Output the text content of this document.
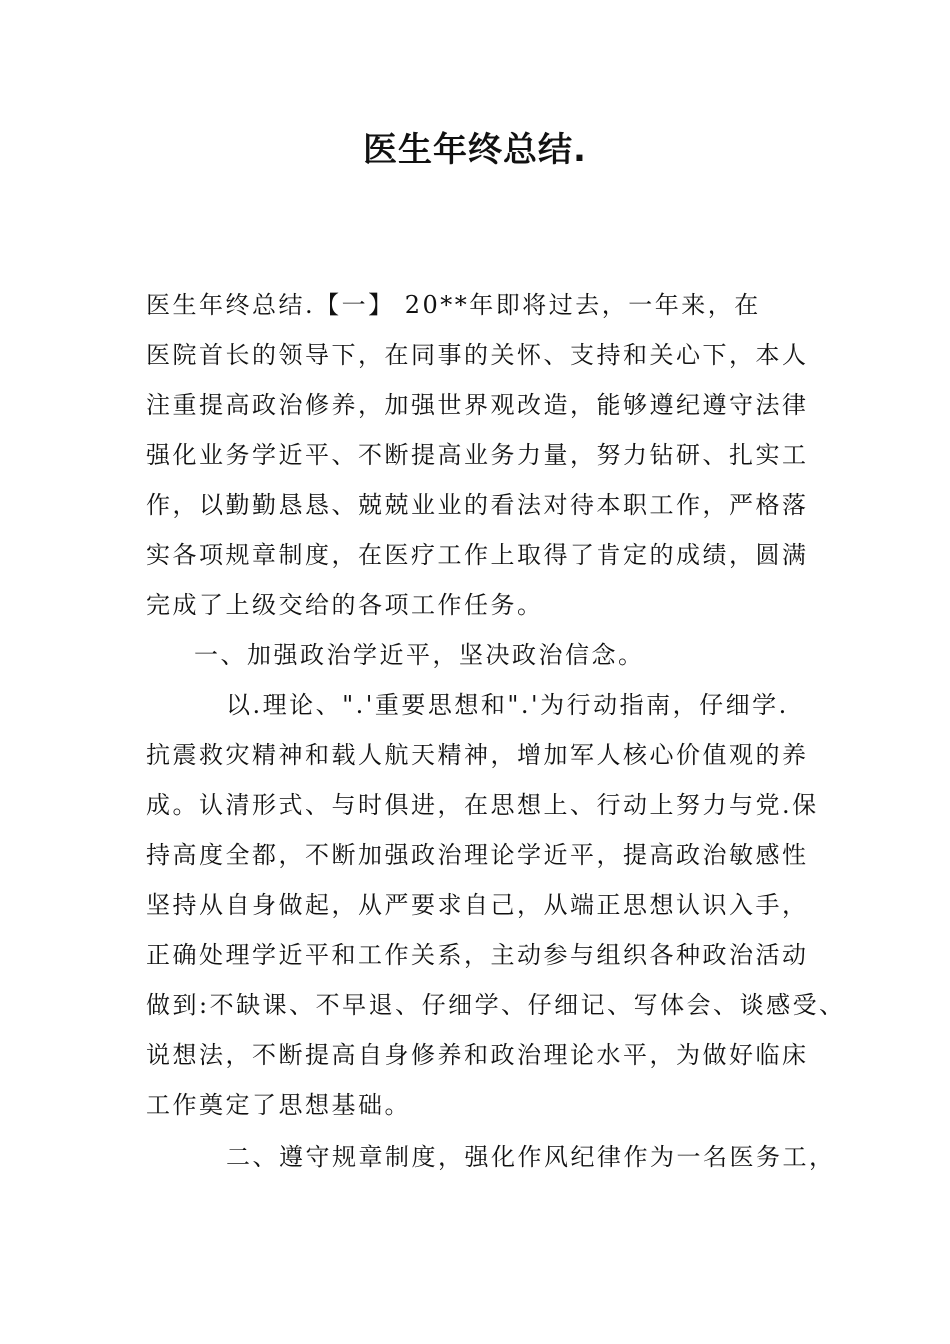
医生年终总结.
医生年终总结.【一】 20**年即将过去，一年来，在
医院首长的领导下，在同事的关怀、支持和关心下，本人
注重提高政治修养，加强世界观改造，能够遵纪遵守法律
强化业务学近平、不断提高业务力量，努力钻研、扎实工
作，以勤勤恳恳、兢兢业业的看法对待本职工作，严格落
实各项规章制度，在医疗工作上取得了肯定的成绩，圆满
完成了上级交给的各项工作任务。
一、加强政治学近平，坚决政治信念。
以.理论、".'重要思想和".'为行动指南，仔细学.
抗震救灾精神和载人航天精神，增加军人核心价值观的养
成。认清形式、与时俱进，在思想上、行动上努力与党.保
持高度全都，不断加强政治理论学近平，提高政治敏感性
坚持从自身做起，从严要求自己，从端正思想认识入手，
正确处理学近平和工作关系，主动参与组织各种政治活动
做到:不缺课、不早退、仔细学、仔细记、写体会、谈感受、
说想法，不断提高自身修养和政治理论水平，为做好临床
工作奠定了思想基础。
二、遵守规章制度，强化作风纪律作为一名医务工，
